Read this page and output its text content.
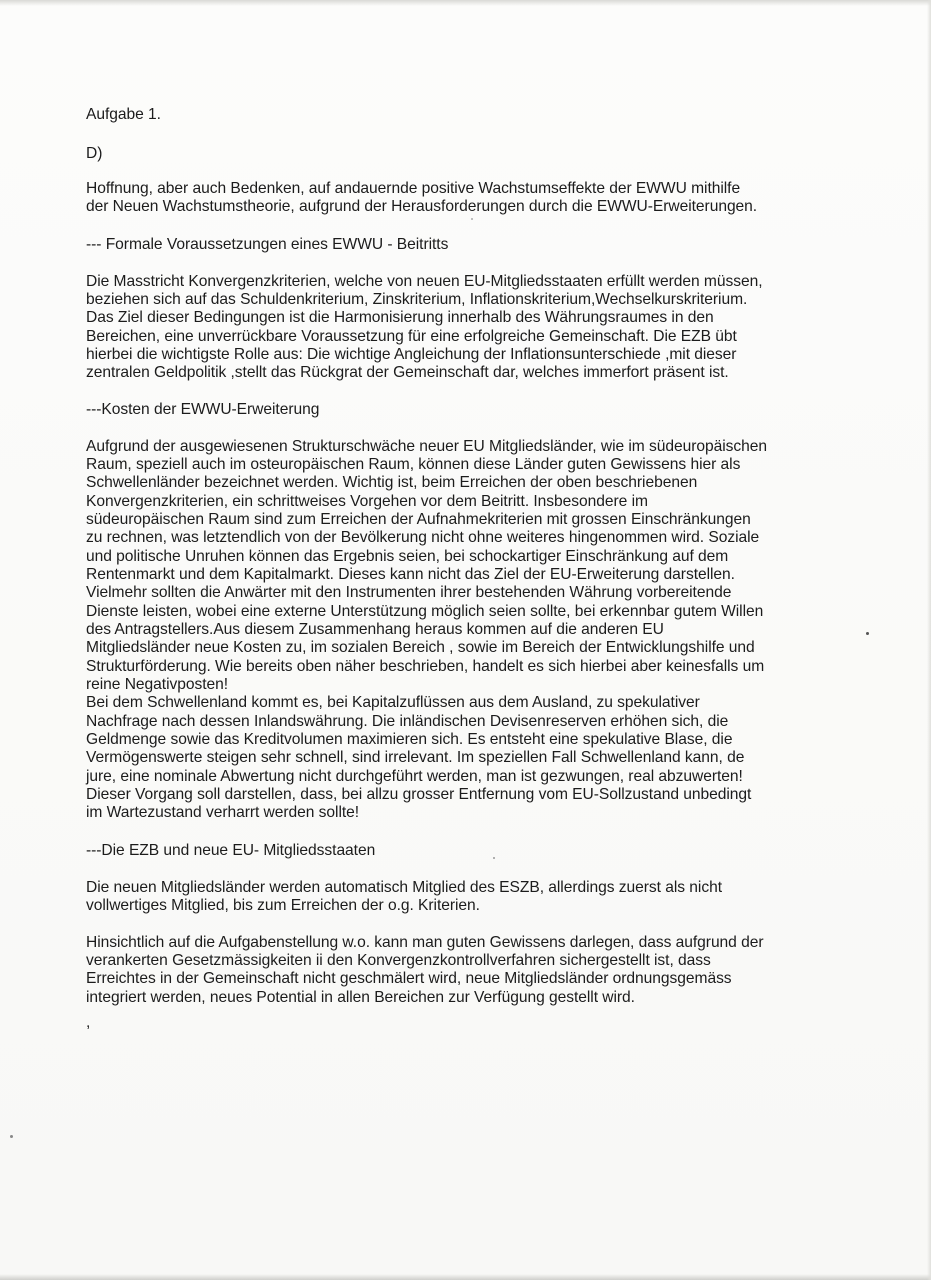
Aufgabe 1.
D)
Hoffnung, aber auch Bedenken, auf andauernde positive Wachstumseffekte der EWWU mithilfe
der Neuen Wachstumstheorie, aufgrund der Herausforderungen durch die EWWU-Erweiterungen.
--- Formale Voraussetzungen eines EWWU - Beitritts
Die Masstricht Konvergenzkriterien, welche von neuen EU-Mitgliedsstaaten erfüllt werden müssen,
beziehen sich auf das Schuldenkriterium, Zinskriterium, Inflationskriterium,Wechselkurskriterium.
Das Ziel dieser Bedingungen ist die Harmonisierung innerhalb des Währungsraumes in den
Bereichen, eine unverrückbare Voraussetzung für eine erfolgreiche Gemeinschaft. Die EZB übt
hierbei die wichtigste Rolle aus: Die wichtige Angleichung der Inflationsunterschiede ,mit dieser
zentralen Geldpolitik ,stellt das Rückgrat der Gemeinschaft dar, welches immerfort präsent ist.
---Kosten der EWWU-Erweiterung
Aufgrund der ausgewiesenen Strukturschwäche neuer EU Mitgliedsländer, wie im südeuropäischen
Raum, speziell auch im osteuropäischen Raum, können diese Länder guten Gewissens hier als
Schwellenländer bezeichnet werden. Wichtig ist, beim Erreichen der oben beschriebenen
Konvergenzkriterien, ein schrittweises Vorgehen vor dem Beitritt. Insbesondere im
südeuropäischen Raum sind zum Erreichen der Aufnahmekriterien mit grossen Einschränkungen
zu rechnen, was letztendlich von der Bevölkerung nicht ohne weiteres hingenommen wird. Soziale
und politische Unruhen können das Ergebnis seien, bei schockartiger Einschränkung auf dem
Rentenmarkt und dem Kapitalmarkt. Dieses kann nicht das Ziel der EU-Erweiterung darstellen.
Vielmehr sollten die Anwärter mit den Instrumenten ihrer bestehenden Währung vorbereitende
Dienste leisten, wobei eine externe Unterstützung möglich seien sollte, bei erkennbar gutem Willen
des Antragstellers.Aus diesem Zusammenhang heraus kommen auf die anderen EU
Mitgliedsländer neue Kosten zu, im sozialen Bereich , sowie im Bereich der Entwicklungshilfe und
Strukturförderung. Wie bereits oben näher beschrieben, handelt es sich hierbei aber keinesfalls um
reine Negativposten!
Bei dem Schwellenland kommt es, bei Kapitalzuflüssen aus dem Ausland, zu spekulativer
Nachfrage nach dessen Inlandswährung. Die inländischen Devisenreserven erhöhen sich, die
Geldmenge sowie das Kreditvolumen maximieren sich. Es entsteht eine spekulative Blase, die
Vermögenswerte steigen sehr schnell, sind irrelevant. Im speziellen Fall Schwellenland kann, de
jure, eine nominale Abwertung nicht durchgeführt werden, man ist gezwungen, real abzuwerten!
Dieser Vorgang soll darstellen, dass, bei allzu grosser Entfernung vom EU-Sollzustand unbedingt
im Wartezustand verharrt werden sollte!
---Die EZB und neue EU- Mitgliedsstaaten
Die neuen Mitgliedsländer werden automatisch Mitglied des ESZB, allerdings zuerst als nicht
vollwertiges Mitglied, bis zum Erreichen der o.g. Kriterien.
Hinsichtlich auf die Aufgabenstellung w.o. kann man guten Gewissens darlegen, dass aufgrund der
verankerten Gesetzmässigkeiten ii den Konvergenzkontrollverfahren sichergestellt ist, dass
Erreichtes in der Gemeinschaft nicht geschmälert wird, neue Mitgliedsländer ordnungsgemäss
integriert werden, neues Potential in allen Bereichen zur Verfügung gestellt wird.
,
